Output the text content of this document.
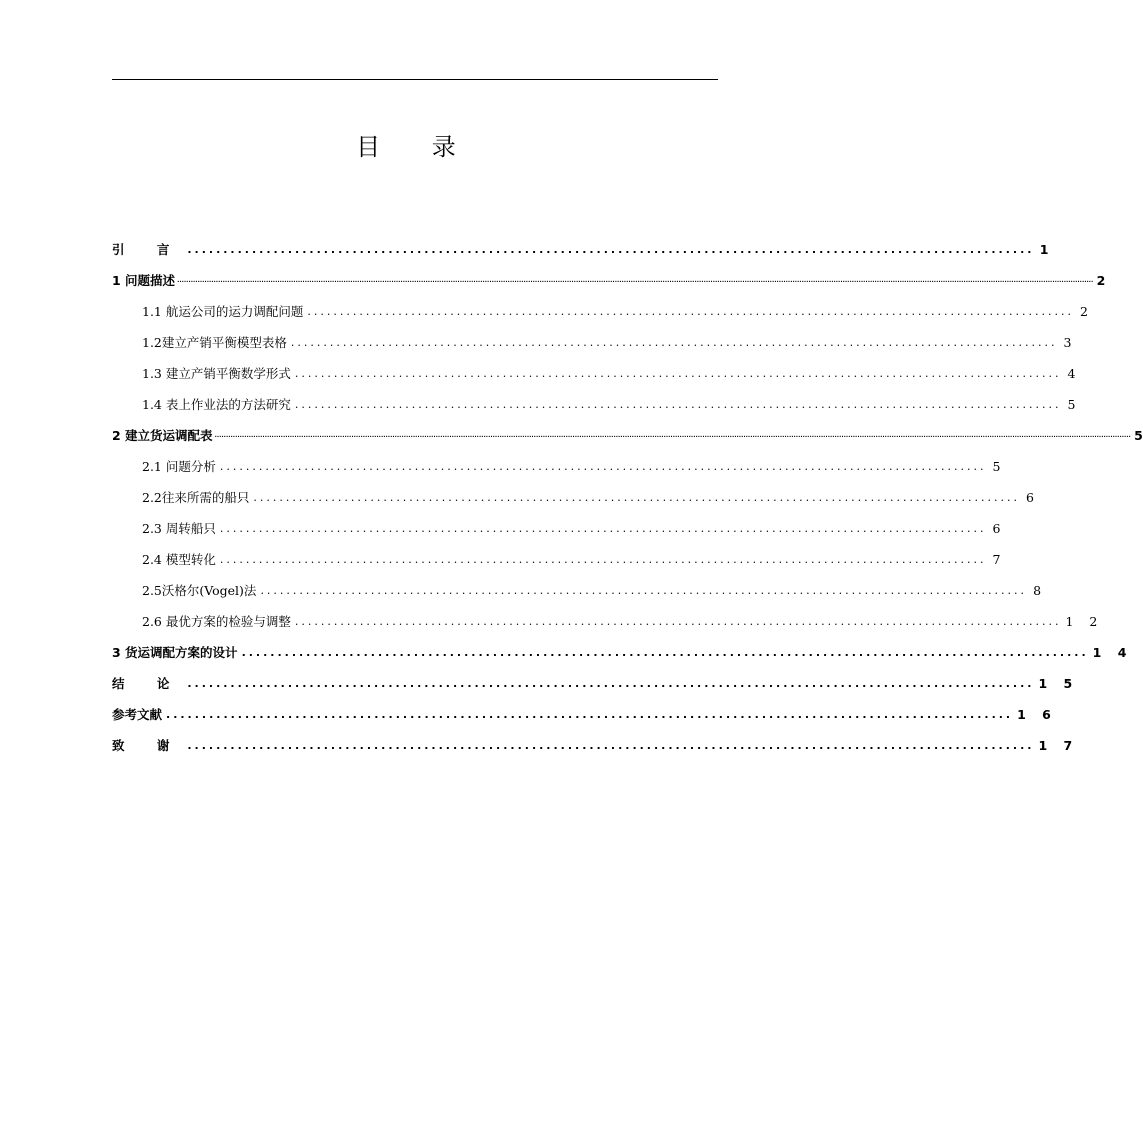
目 录
引 言 ...................................................................................................................... 1
1 问题描述 .................................................................................................................................................................................................................................................................................................................................................................................................................. 2
1.1 航运公司的运力调配问题 ...................................................................................................................... 2
1.2建立产销平衡模型表格 ...................................................................................................................... 3
1.3 建立产销平衡数学形式 ...................................................................................................................... 4
1.4 表上作业法的方法研究 ...................................................................................................................... 5
2 建立货运调配表 .................................................................................................................................................................................................................................................................................................................................................................................................................. 5
2.1 问题分析 ...................................................................................................................... 5
2.2往来所需的船只 ...................................................................................................................... 6
2.3 周转船只 ...................................................................................................................... 6
2.4 模型转化 ...................................................................................................................... 7
2.5沃格尔(Vogel)法 ...................................................................................................................... 8
2.6 最优方案的检验与调整 ...................................................................................................................... 1 2
3 货运调配方案的设计 ...................................................................................................................... 1 4
结 论 ...................................................................................................................... 1 5
参考文献 ...................................................................................................................... 1 6
致 谢 ...................................................................................................................... 1 7
